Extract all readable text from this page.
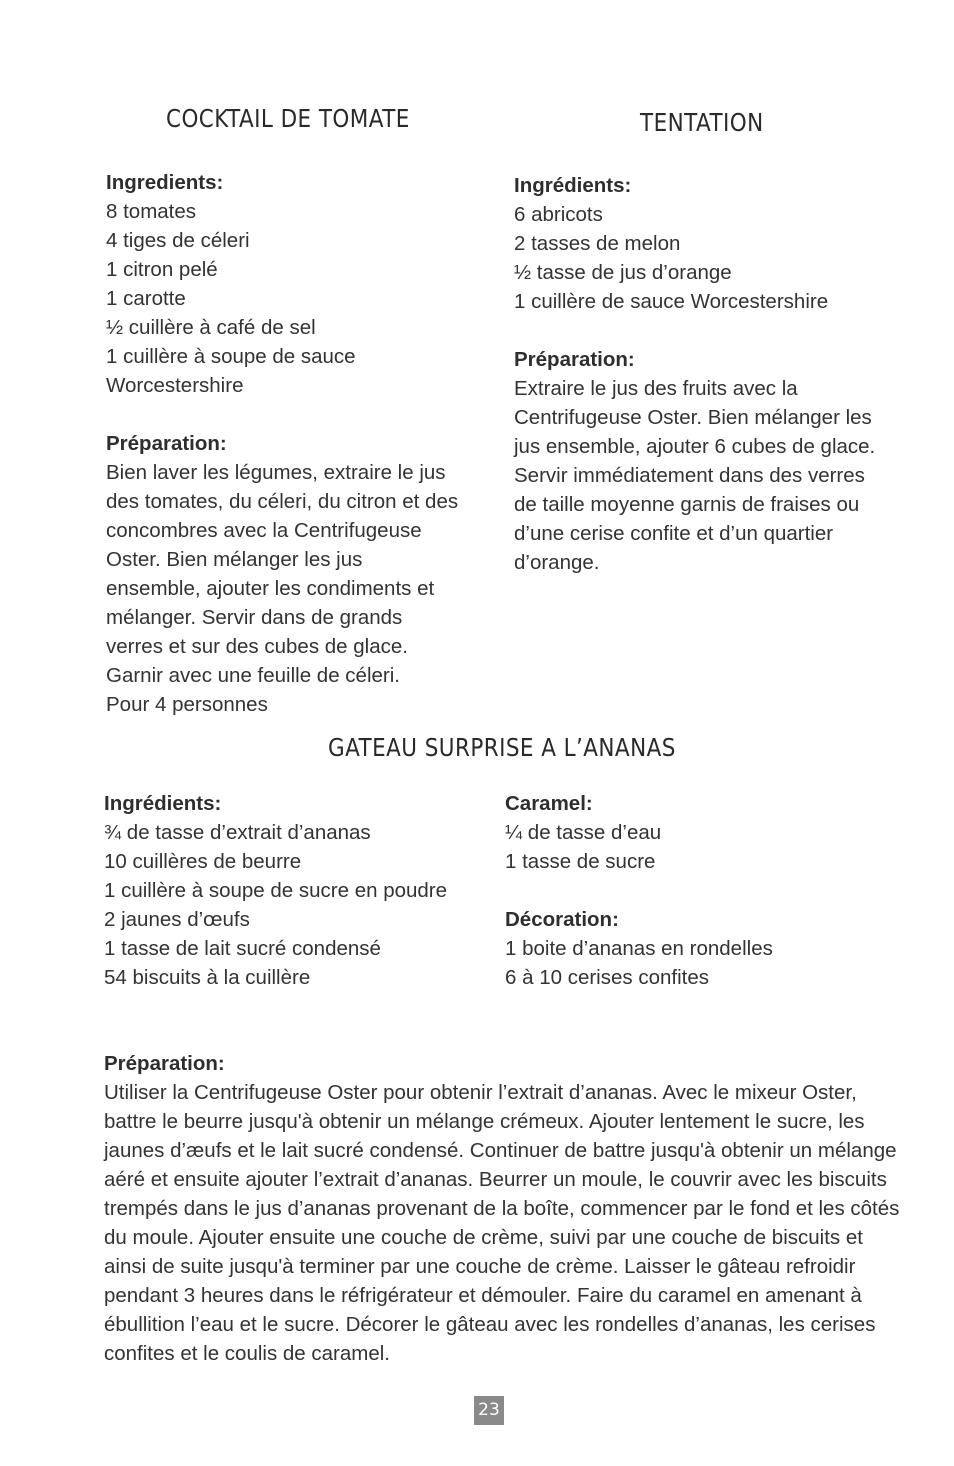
COCKTAIL DE TOMATE
Ingredients:
8 tomates
4 tiges de céleri
1 citron pelé
1 carotte
½ cuillère à café de sel
1 cuillère à soupe de sauce
Worcestershire
Préparation:
Bien laver les légumes, extraire le jus
des tomates, du céleri, du citron et des
concombres avec la Centrifugeuse
Oster. Bien mélanger les jus
ensemble, ajouter les condiments et
mélanger. Servir dans de grands
verres et sur des cubes de glace.
Garnir avec une feuille de céleri.
Pour 4 personnes
TENTATION
Ingrédients:
6 abricots
2 tasses de melon
½ tasse de jus d’orange
1 cuillère de sauce Worcestershire
Préparation:
Extraire le jus des fruits avec la
Centrifugeuse Oster. Bien mélanger les
jus ensemble, ajouter 6 cubes de glace.
Servir immédiatement dans des verres
de taille moyenne garnis de fraises ou
d’une cerise confite et d’un quartier
d’orange.
GATEAU SURPRISE A L’ANANAS
Ingrédients:
¾ de tasse d’extrait d’ananas
10 cuillères de beurre
1 cuillère à soupe de sucre en poudre
2 jaunes d’œufs
1 tasse de lait sucré condensé
54 biscuits à la cuillère
Caramel:
¼ de tasse d’eau
1 tasse de sucre
Décoration:
1 boite d’ananas en rondelles
6 à 10 cerises confites
Préparation:
Utiliser la Centrifugeuse Oster pour obtenir l’extrait d’ananas. Avec le mixeur Oster,
battre le beurre jusqu'à obtenir un mélange crémeux. Ajouter lentement le sucre, les
jaunes d’æufs et le lait sucré condensé. Continuer de battre jusqu'à obtenir un mélange
aéré et ensuite ajouter l’extrait d’ananas. Beurrer un moule, le couvrir avec les biscuits
trempés dans le jus d’ananas provenant de la boîte, commencer par le fond et les côtés
du moule. Ajouter ensuite une couche de crème, suivi par une couche de biscuits et
ainsi de suite jusqu'à terminer par une couche de crème. Laisser le gâteau refroidir
pendant 3 heures dans le réfrigérateur et démouler. Faire du caramel en amenant à
ébullition l’eau et le sucre. Décorer le gâteau avec les rondelles d’ananas, les cerises
confites et le coulis de caramel.
23
